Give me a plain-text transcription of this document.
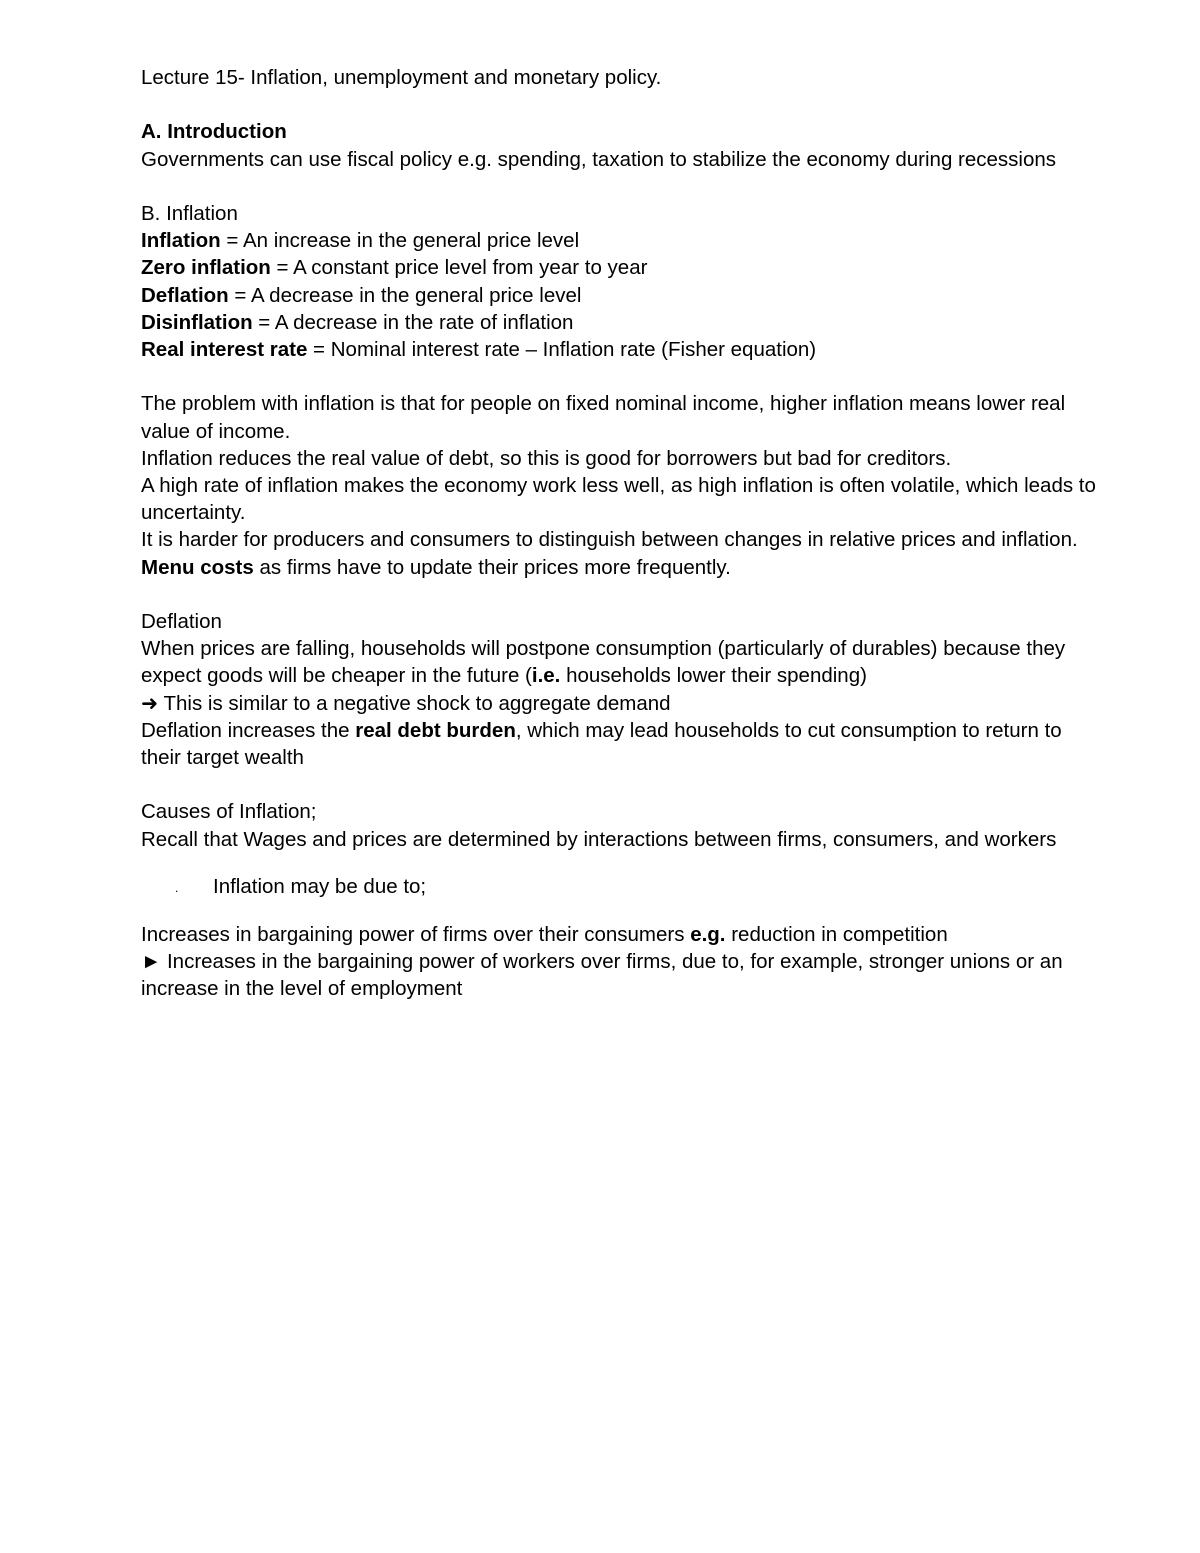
Lecture 15- Inflation, unemployment and monetary policy.

A. Introduction

Governments can use fiscal policy e.g. spending, taxation to stabilize the economy during recessions

B. Inflation

Inflation = An increase in the general price level

Zero inflation = A constant price level from year to year

Deflation = A decrease in the general price level

Disinflation = A decrease in the rate of inflation

Real interest rate = Nominal interest rate – Inflation rate (Fisher equation)

The problem with inflation is that for people on fixed nominal income, higher inflation means lower real value of income.

Inflation reduces the real value of debt, so this is good for borrowers but bad for creditors.

A high rate of inflation makes the economy work less well, as high inflation is often volatile, which leads to uncertainty.

It is harder for producers and consumers to distinguish between changes in relative prices and inflation.

Menu costs as firms have to update their prices more frequently.

Deflation

When prices are falling, households will postpone consumption (particularly of durables) because they expect goods will be cheaper in the future (i.e. households lower their spending)

➜ This is similar to a negative shock to aggregate demand

Deflation increases the real debt burden, which may lead households to cut consumption to return to their target wealth

Causes of Inflation;

Recall that Wages and prices are determined by interactions between firms, consumers, and workers

. Inflation may be due to;

Increases in bargaining power of firms over their consumers e.g. reduction in competition

► Increases in the bargaining power of workers over firms, due to, for example, stronger unions or an increase in the level of employment
